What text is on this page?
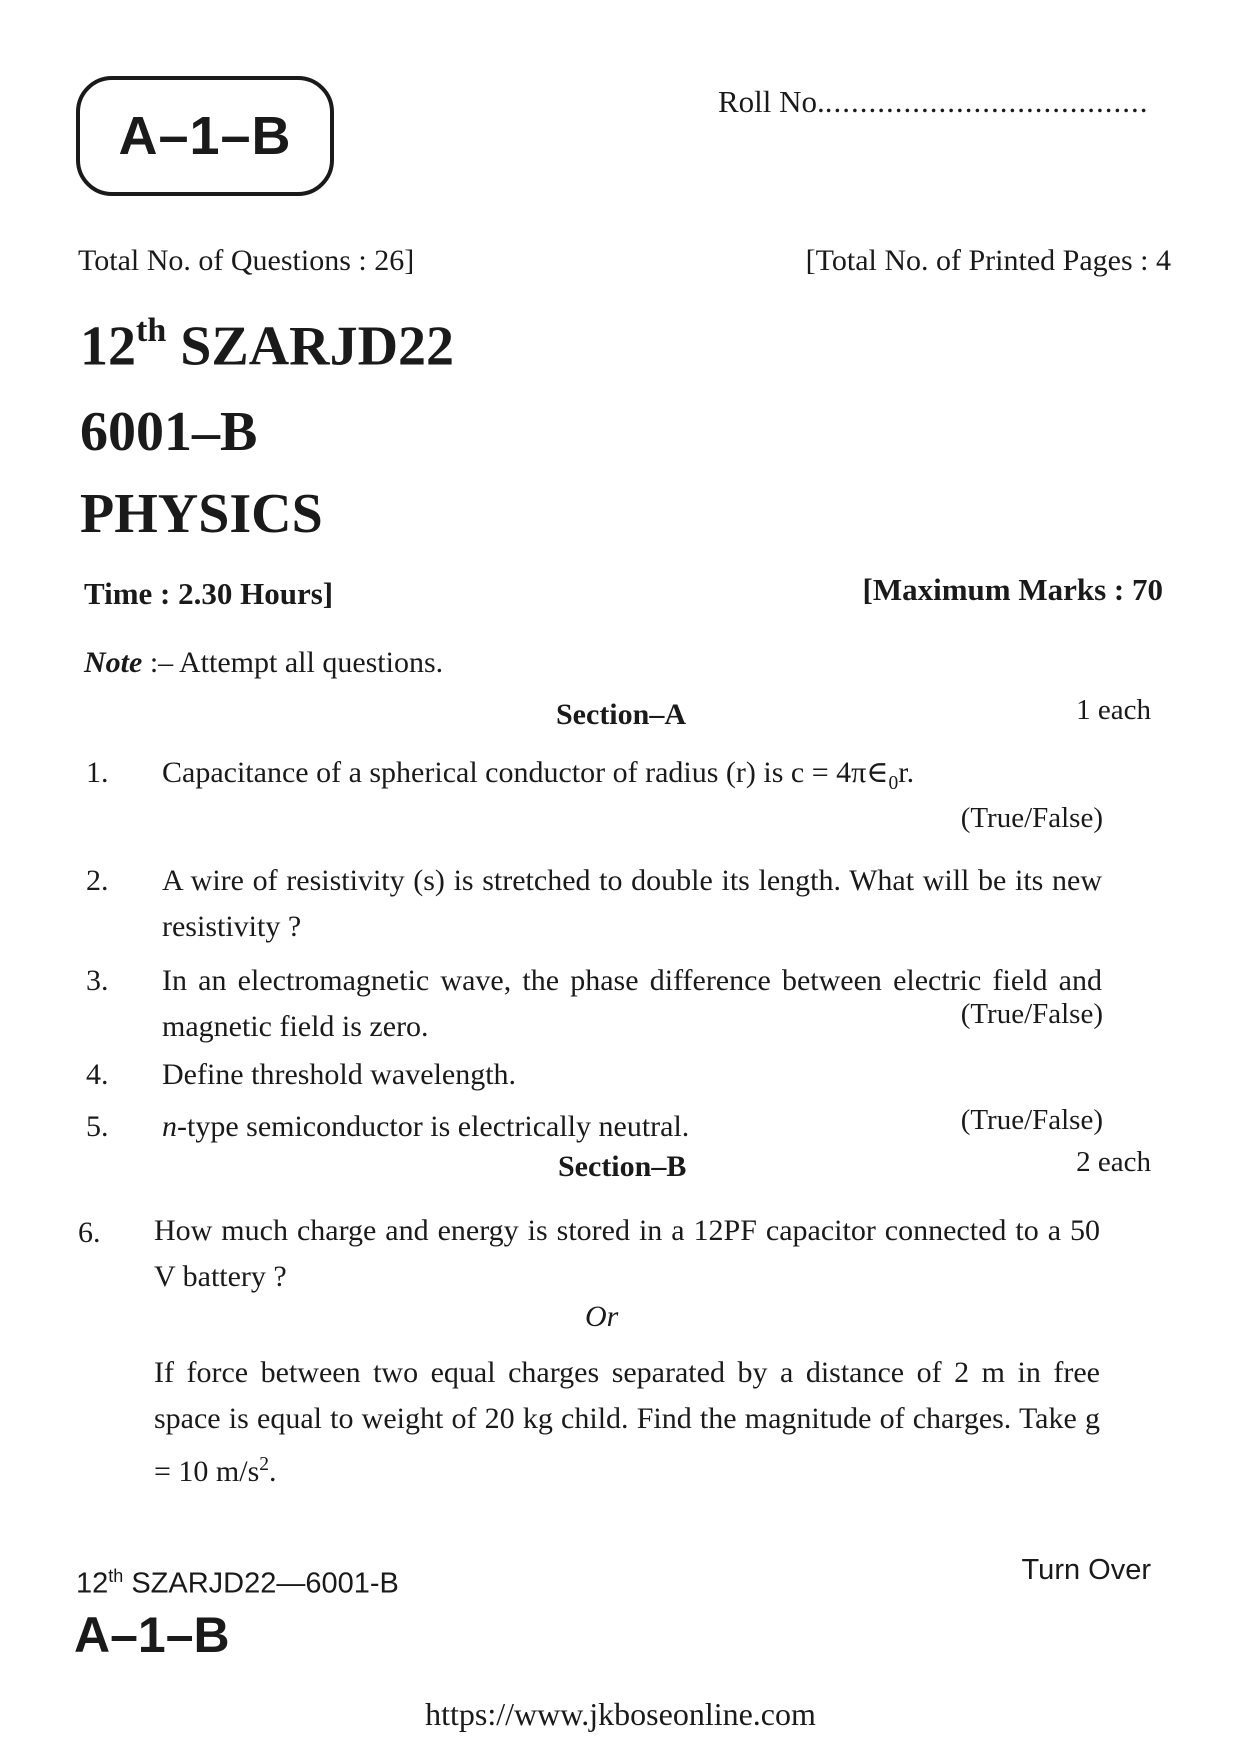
A–1–B
Roll No......................................
Total No. of Questions : 26]	[Total No. of Printed Pages : 4
12th SZARJD22
6001–B
PHYSICS
Time : 2.30 Hours]	[Maximum Marks : 70
Note :– Attempt all questions.
Section–A	1 each
1. Capacitance of a spherical conductor of radius (r) is $c = 4\pi\in_0r$.
(True/False)
2. A wire of resistivity (s) is stretched to double its length. What will be its new resistivity ?
3. In an electromagnetic wave, the phase difference between electric field and magnetic field is zero.	(True/False)
4. Define threshold wavelength.
5. n-type semiconductor is electrically neutral.	(True/False)
Section–B	2 each
6. How much charge and energy is stored in a 12PF capacitor connected to a 50 V battery ?
Or
If force between two equal charges separated by a distance of 2 m in free space is equal to weight of 20 kg child. Find the magnitude of charges. Take g = 10 $m/s^2$.
12th SZARJD22—6001-B
A–1–B
Turn Over
https://www.jkboseonline.com
